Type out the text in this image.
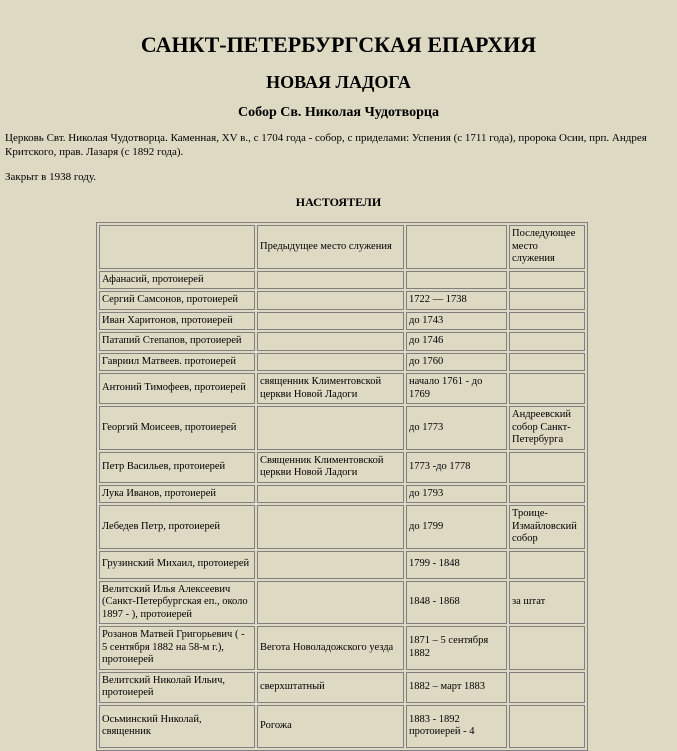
САНКТ-ПЕТЕРБУРГСКАЯ ЕПАРХИЯ
НОВАЯ ЛАДОГА
Собор Св. Николая Чудотворца

Церковь Свт. Николая Чудотворца. Каменная, XV в., с 1704 года - собор, с приделами: Успения (с 1711 года), пророка Осии, прп. Андрея Критского, прав. Лазаря (с 1892 года).

Закрыт в 1938 году.

НАСТОЯТЕЛИ

	Предыдущее место служения		Последующее место служения
Афанасий, протоиерей			
Сергий Самсонов, протоиерей		1722 — 1738	
Иван Харитонов, протоиерей		до 1743	
Патапий Степапов, протоиерей		до 1746	
Гавриил Матвеев. протоиерей		до 1760	
Антоний Тимофеев, протоиерей	священник Климентовской церкви Новой Ладоги	начало 1761 - до 1769	
Георгий Моисеев, протоиерей		до 1773	Андреевский собор Санкт-Петербурга
Петр Васильев, протоиерей	Священник Климентовской церкви Новой Ладоги	1773 -до 1778	
Лука Иванов, протоиерей		до 1793	
Лебедев Петр, протоиерей		до 1799	Троице-Измайловский собор
Грузинский Михаил, протоиерей		1799 - 1848	
Велитский Илья Алексеевич (Санкт-Петербургская еп., около 1897 - ), протоиерей		1848 - 1868	за штат
Розанов Матвей Григорьевич ( - 5 сентября 1882 на 58-м г.), протоиерей	Вегота Новоладожского уезда	1871 – 5 сентября 1882	
Велитский Николай Ильич, протоиерей	сверхштатный	1882 – март 1883	
Осьминский Николай, священник	Рогожа	1883 - 1892 протоиерей - 4	
